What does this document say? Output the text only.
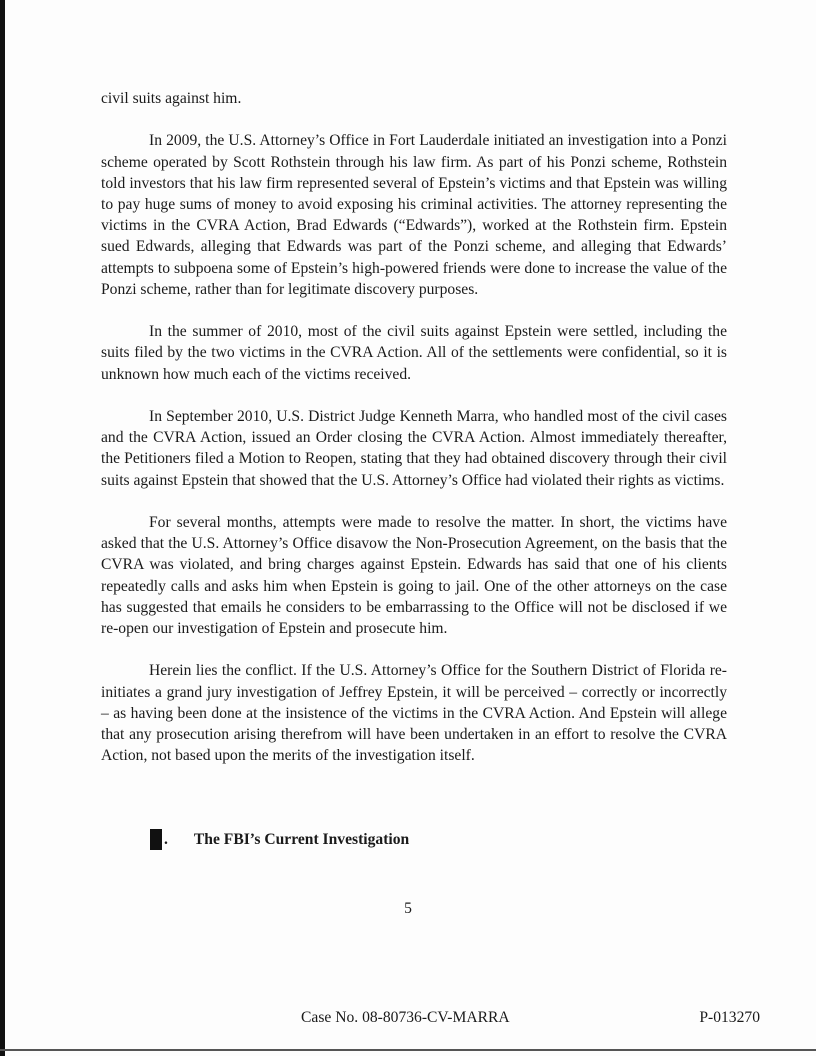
civil suits against him.

In 2009, the U.S. Attorney’s Office in Fort Lauderdale initiated an investigation into a Ponzi scheme operated by Scott Rothstein through his law firm. As part of his Ponzi scheme, Rothstein told investors that his law firm represented several of Epstein’s victims and that Epstein was willing to pay huge sums of money to avoid exposing his criminal activities. The attorney representing the victims in the CVRA Action, Brad Edwards (“Edwards”), worked at the Rothstein firm. Epstein sued Edwards, alleging that Edwards was part of the Ponzi scheme, and alleging that Edwards’ attempts to subpoena some of Epstein’s high-powered friends were done to increase the value of the Ponzi scheme, rather than for legitimate discovery purposes.

In the summer of 2010, most of the civil suits against Epstein were settled, including the suits filed by the two victims in the CVRA Action. All of the settlements were confidential, so it is unknown how much each of the victims received.

In September 2010, U.S. District Judge Kenneth Marra, who handled most of the civil cases and the CVRA Action, issued an Order closing the CVRA Action. Almost immediately thereafter, the Petitioners filed a Motion to Reopen, stating that they had obtained discovery through their civil suits against Epstein that showed that the U.S. Attorney’s Office had violated their rights as victims.

For several months, attempts were made to resolve the matter. In short, the victims have asked that the U.S. Attorney’s Office disavow the Non-Prosecution Agreement, on the basis that the CVRA was violated, and bring charges against Epstein. Edwards has said that one of his clients repeatedly calls and asks him when Epstein is going to jail. One of the other attorneys on the case has suggested that emails he considers to be embarrassing to the Office will not be disclosed if we re-open our investigation of Epstein and prosecute him.

Herein lies the conflict. If the U.S. Attorney’s Office for the Southern District of Florida re-initiates a grand jury investigation of Jeffrey Epstein, it will be perceived – correctly or incorrectly – as having been done at the insistence of the victims in the CVRA Action. And Epstein will allege that any prosecution arising therefrom will have been undertaken in an effort to resolve the CVRA Action, not based upon the merits of the investigation itself.

. The FBI’s Current Investigation
5
Case No. 08-80736-CV-MARRA	P-013270
